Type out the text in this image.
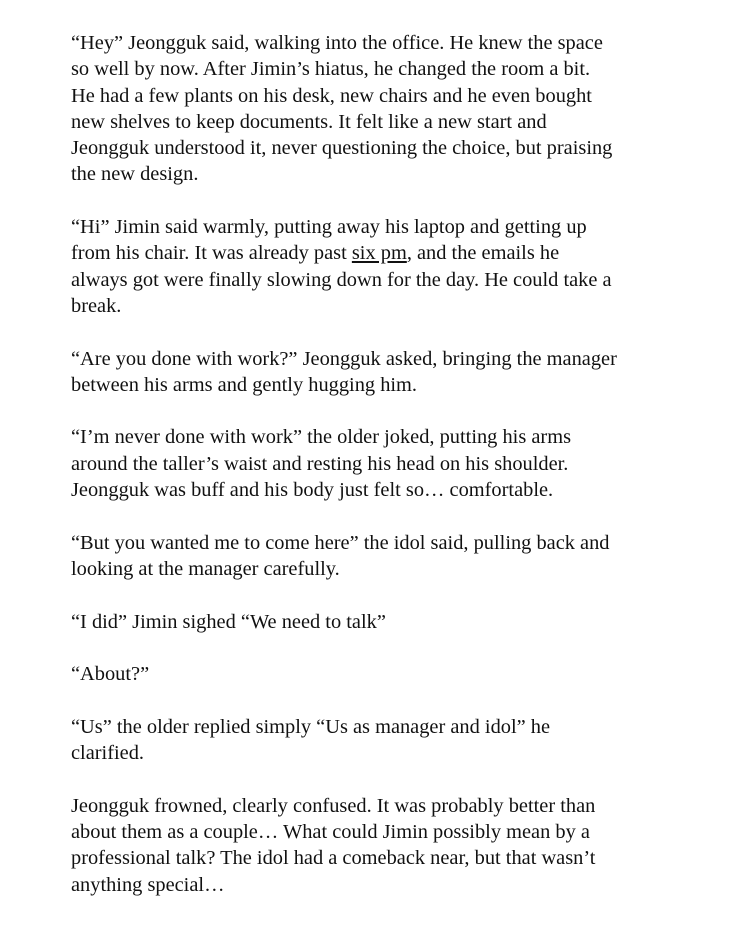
“Hey” Jeongguk said, walking into the office. He knew the space
so well by now. After Jimin’s hiatus, he changed the room a bit.
He had a few plants on his desk, new chairs and he even bought
new shelves to keep documents. It felt like a new start and
Jeongguk understood it, never questioning the choice, but praising
the new design.

“Hi” Jimin said warmly, putting away his laptop and getting up
from his chair. It was already past six pm, and the emails he
always got were finally slowing down for the day. He could take a
break.

“Are you done with work?” Jeongguk asked, bringing the manager
between his arms and gently hugging him.

“I’m never done with work” the older joked, putting his arms
around the taller’s waist and resting his head on his shoulder.
Jeongguk was buff and his body just felt so… comfortable.

“But you wanted me to come here” the idol said, pulling back and
looking at the manager carefully.

“I did” Jimin sighed “We need to talk”

“About?”

“Us” the older replied simply “Us as manager and idol” he
clarified.

Jeongguk frowned, clearly confused. It was probably better than
about them as a couple… What could Jimin possibly mean by a
professional talk? The idol had a comeback near, but that wasn’t
anything special…
